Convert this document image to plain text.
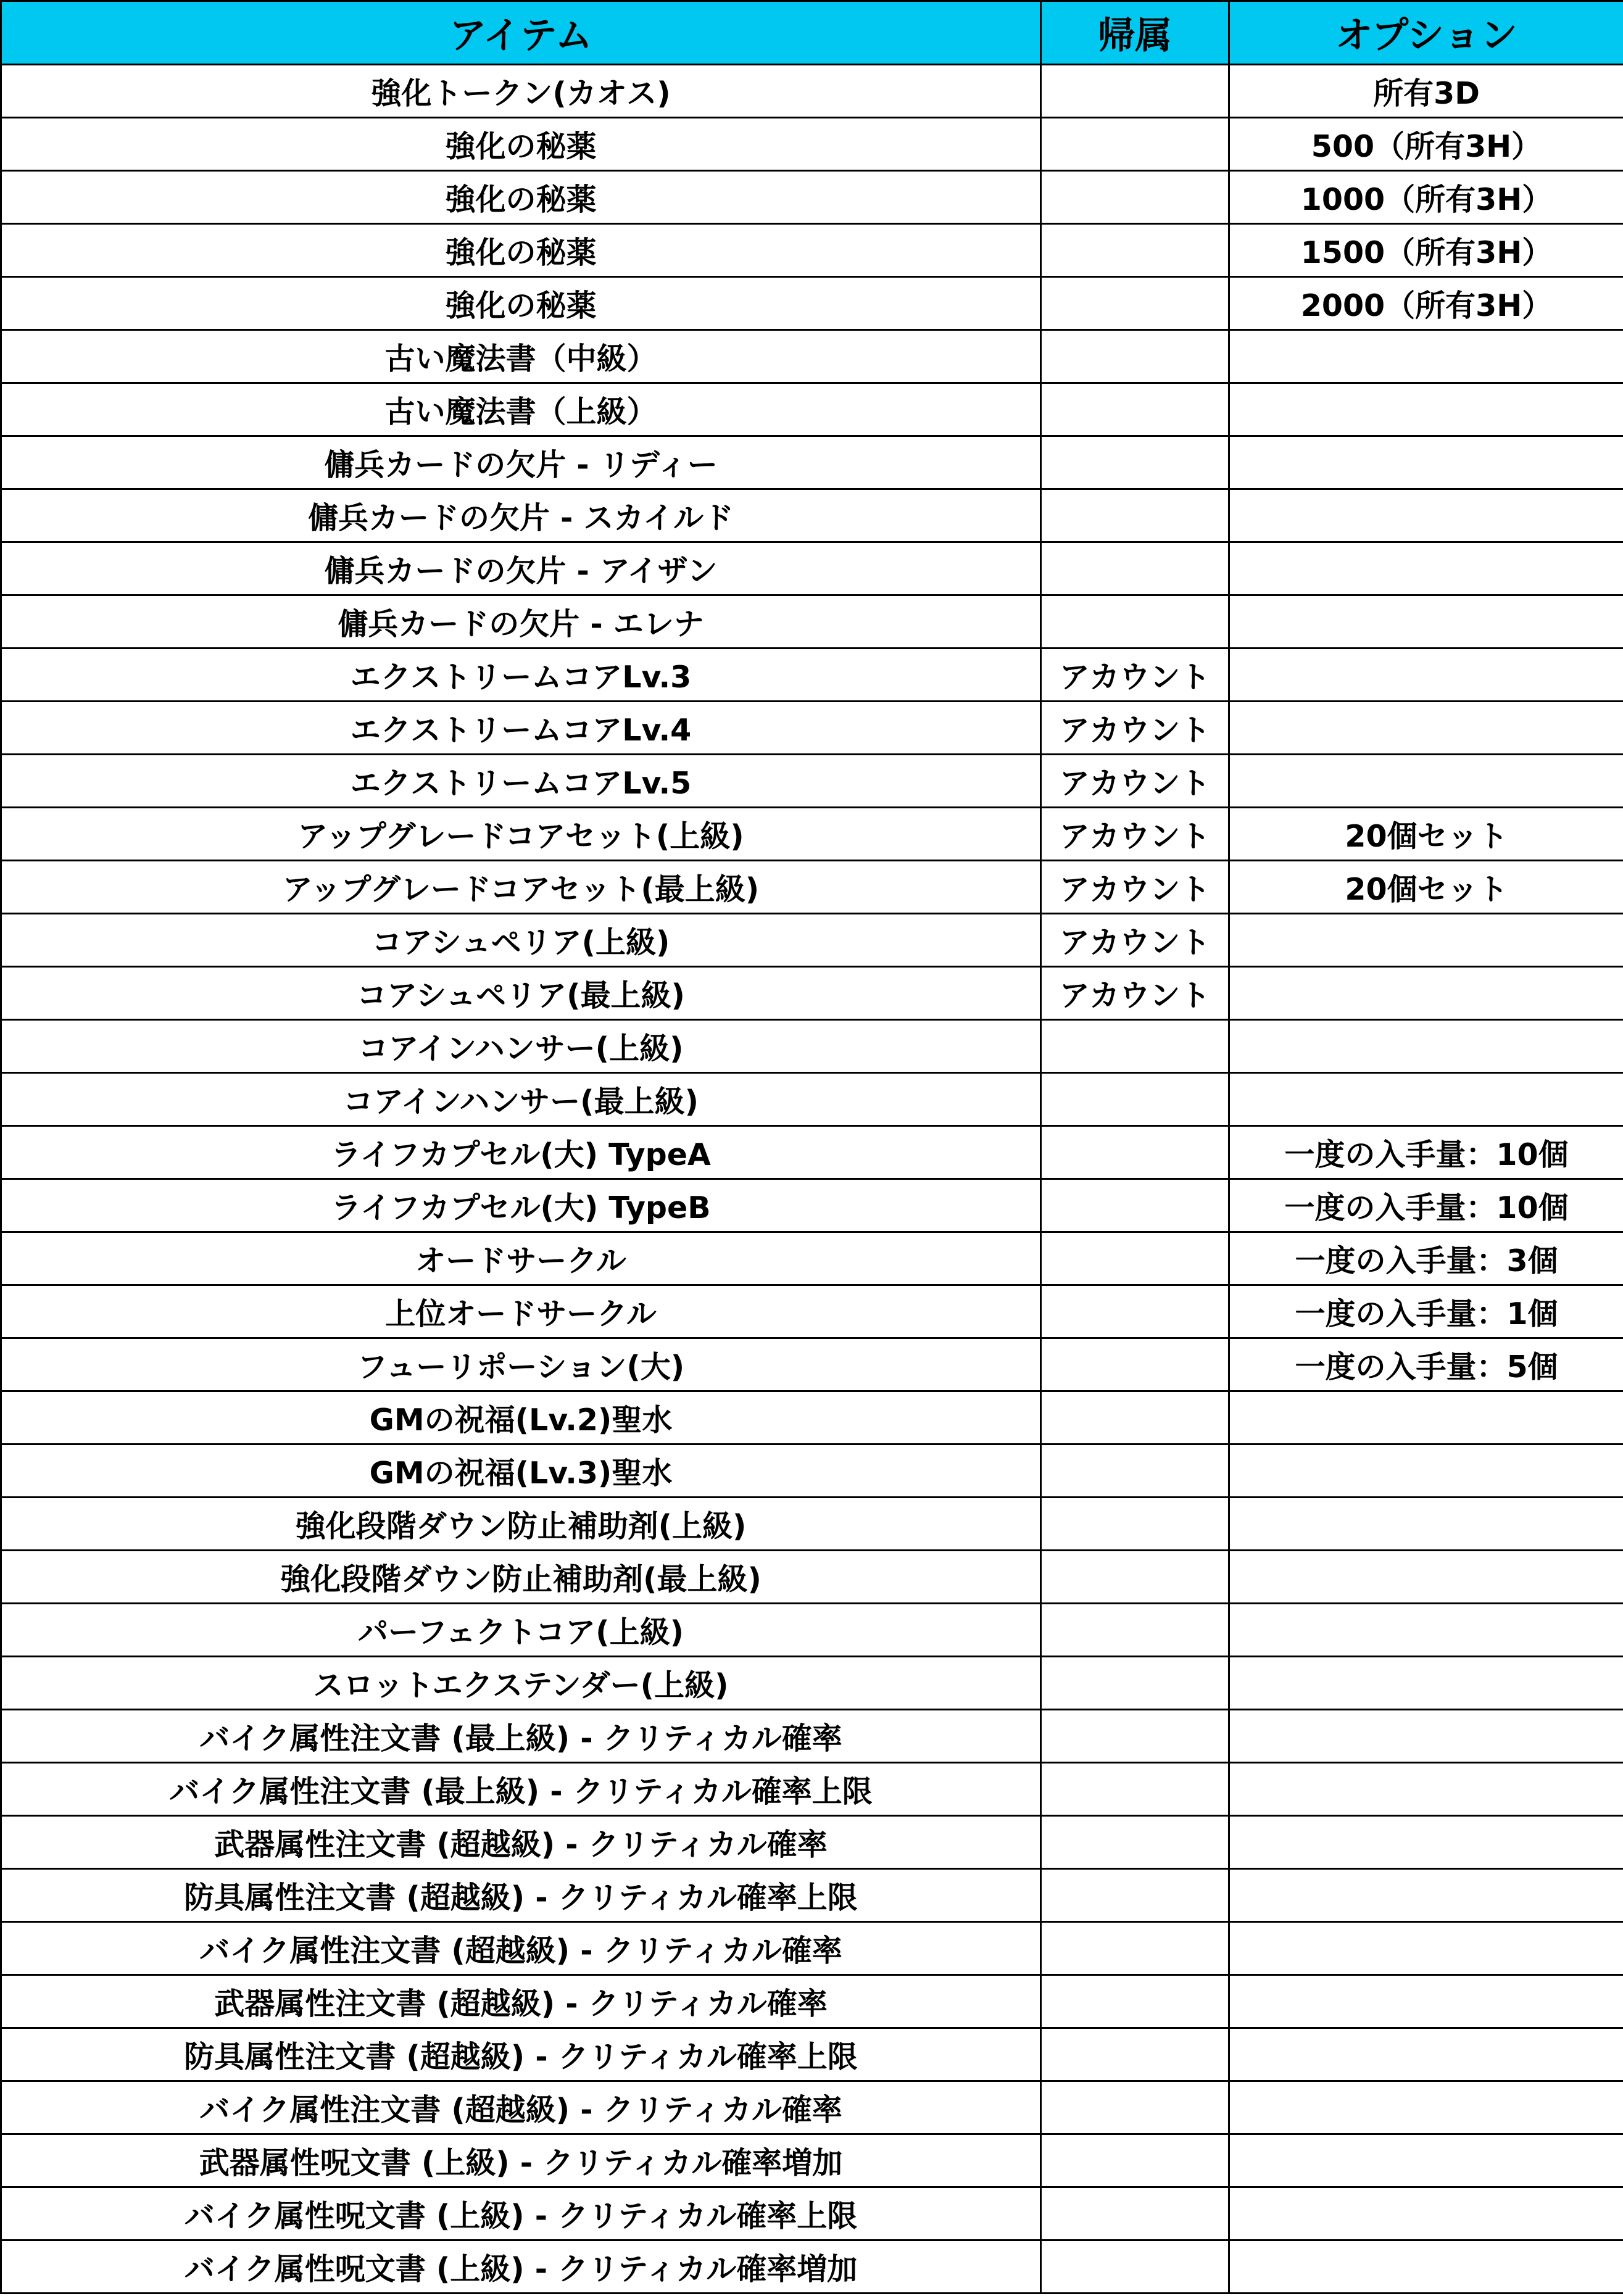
アイテム	帰属	オプション
強化トークン(カオス)		所有3D
強化の秘薬		500（所有3H）
強化の秘薬		1000（所有3H）
強化の秘薬		1500（所有3H）
強化の秘薬		2000（所有3H）
古い魔法書（中級）		
古い魔法書（上級）		
傭兵カードの欠片 - リディー		
傭兵カードの欠片 - スカイルド		
傭兵カードの欠片 - アイザン		
傭兵カードの欠片 - エレナ		
エクストリームコアLv.3	アカウント	
エクストリームコアLv.4	アカウント	
エクストリームコアLv.5	アカウント	
アップグレードコアセット(上級)	アカウント	20個セット
アップグレードコアセット(最上級)	アカウント	20個セット
コアシュペリア(上級)	アカウント	
コアシュペリア(最上級)	アカウント	
コアインハンサー(上級)		
コアインハンサー(最上級)		
ライフカプセル(大) TypeA		一度の入手量：10個
ライフカプセル(大) TypeB		一度の入手量：10個
オードサークル		一度の入手量：3個
上位オードサークル		一度の入手量：1個
フューリポーション(大)		一度の入手量：5個
GMの祝福(Lv.2)聖水		
GMの祝福(Lv.3)聖水		
強化段階ダウン防止補助剤(上級)		
強化段階ダウン防止補助剤(最上級)		
パーフェクトコア(上級)		
スロットエクステンダー(上級)		
バイク属性注文書 (最上級) - クリティカル確率		
バイク属性注文書 (最上級) - クリティカル確率上限		
武器属性注文書 (超越級) - クリティカル確率		
防具属性注文書 (超越級) - クリティカル確率上限		
バイク属性注文書 (超越級) - クリティカル確率		
武器属性注文書 (超越級) - クリティカル確率		
防具属性注文書 (超越級) - クリティカル確率上限		
バイク属性注文書 (超越級) - クリティカル確率		
武器属性呪文書 (上級) - クリティカル確率増加		
バイク属性呪文書 (上級) - クリティカル確率上限		
バイク属性呪文書 (上級) - クリティカル確率増加		
